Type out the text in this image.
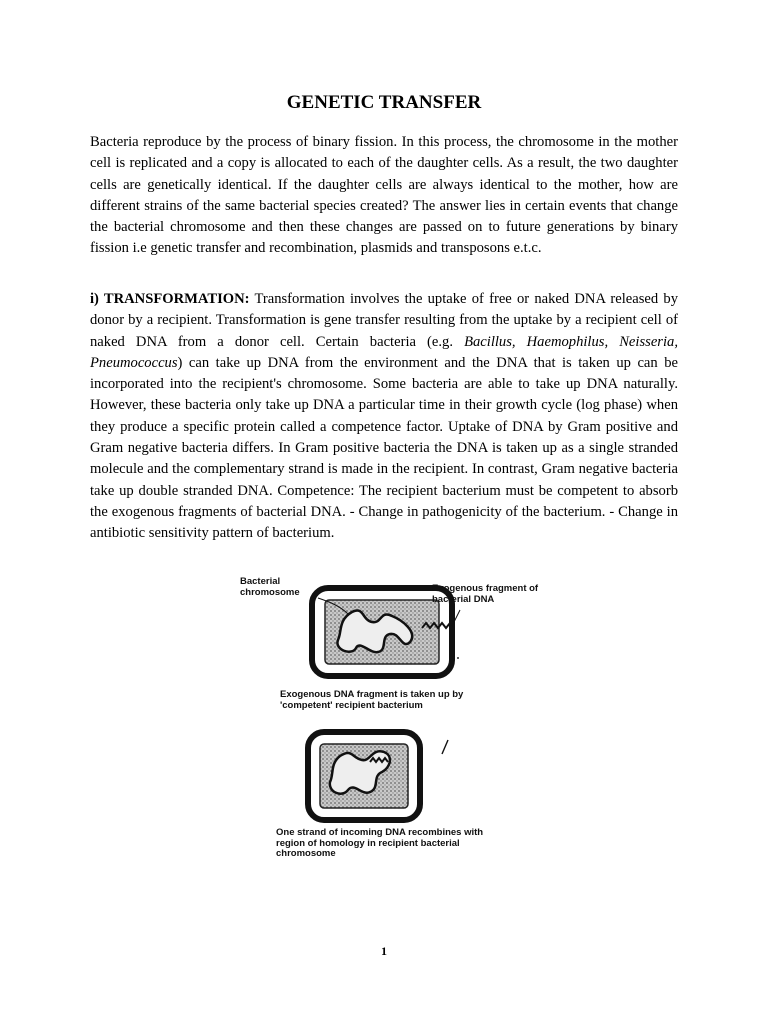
GENETIC TRANSFER

Bacteria reproduce by the process of binary fission. In this process, the chromosome in the mother cell is replicated and a copy is allocated to each of the daughter cells. As a result, the two daughter cells are genetically identical. If the daughter cells are always identical to the mother, how are different strains of the same bacterial species created? The answer lies in certain events that change the bacterial chromosome and then these changes are passed on to future generations by binary fission i.e genetic transfer and recombination, plasmids and transposons e.t.c.

i) TRANSFORMATION: Transformation involves the uptake of free or naked DNA released by donor by a recipient. Transformation is gene transfer resulting from the uptake by a recipient cell of naked DNA from a donor cell. Certain bacteria (e.g. Bacillus, Haemophilus, Neisseria, Pneumococcus) can take up DNA from the environment and the DNA that is taken up can be incorporated into the recipient's chromosome. Some bacteria are able to take up DNA naturally. However, these bacteria only take up DNA a particular time in their growth cycle (log phase) when they produce a specific protein called a competence factor. Uptake of DNA by Gram positive and Gram negative bacteria differs. In Gram positive bacteria the DNA is taken up as a single stranded molecule and the complementary strand is made in the recipient. In contrast, Gram negative bacteria take up double stranded DNA. Competence: The recipient bacterium must be competent to absorb the exogenous fragments of bacterial DNA. - Change in pathogenicity of the bacterium. - Change in antibiotic sensitivity pattern of bacterium.

Bacterial chromosome	Exogenous fragment of bacterial DNA

Exogenous DNA fragment is taken up by 'competent' recipient bacterium

One strand of incoming DNA recombines with region of homology in recipient bacterial chromosome

1
